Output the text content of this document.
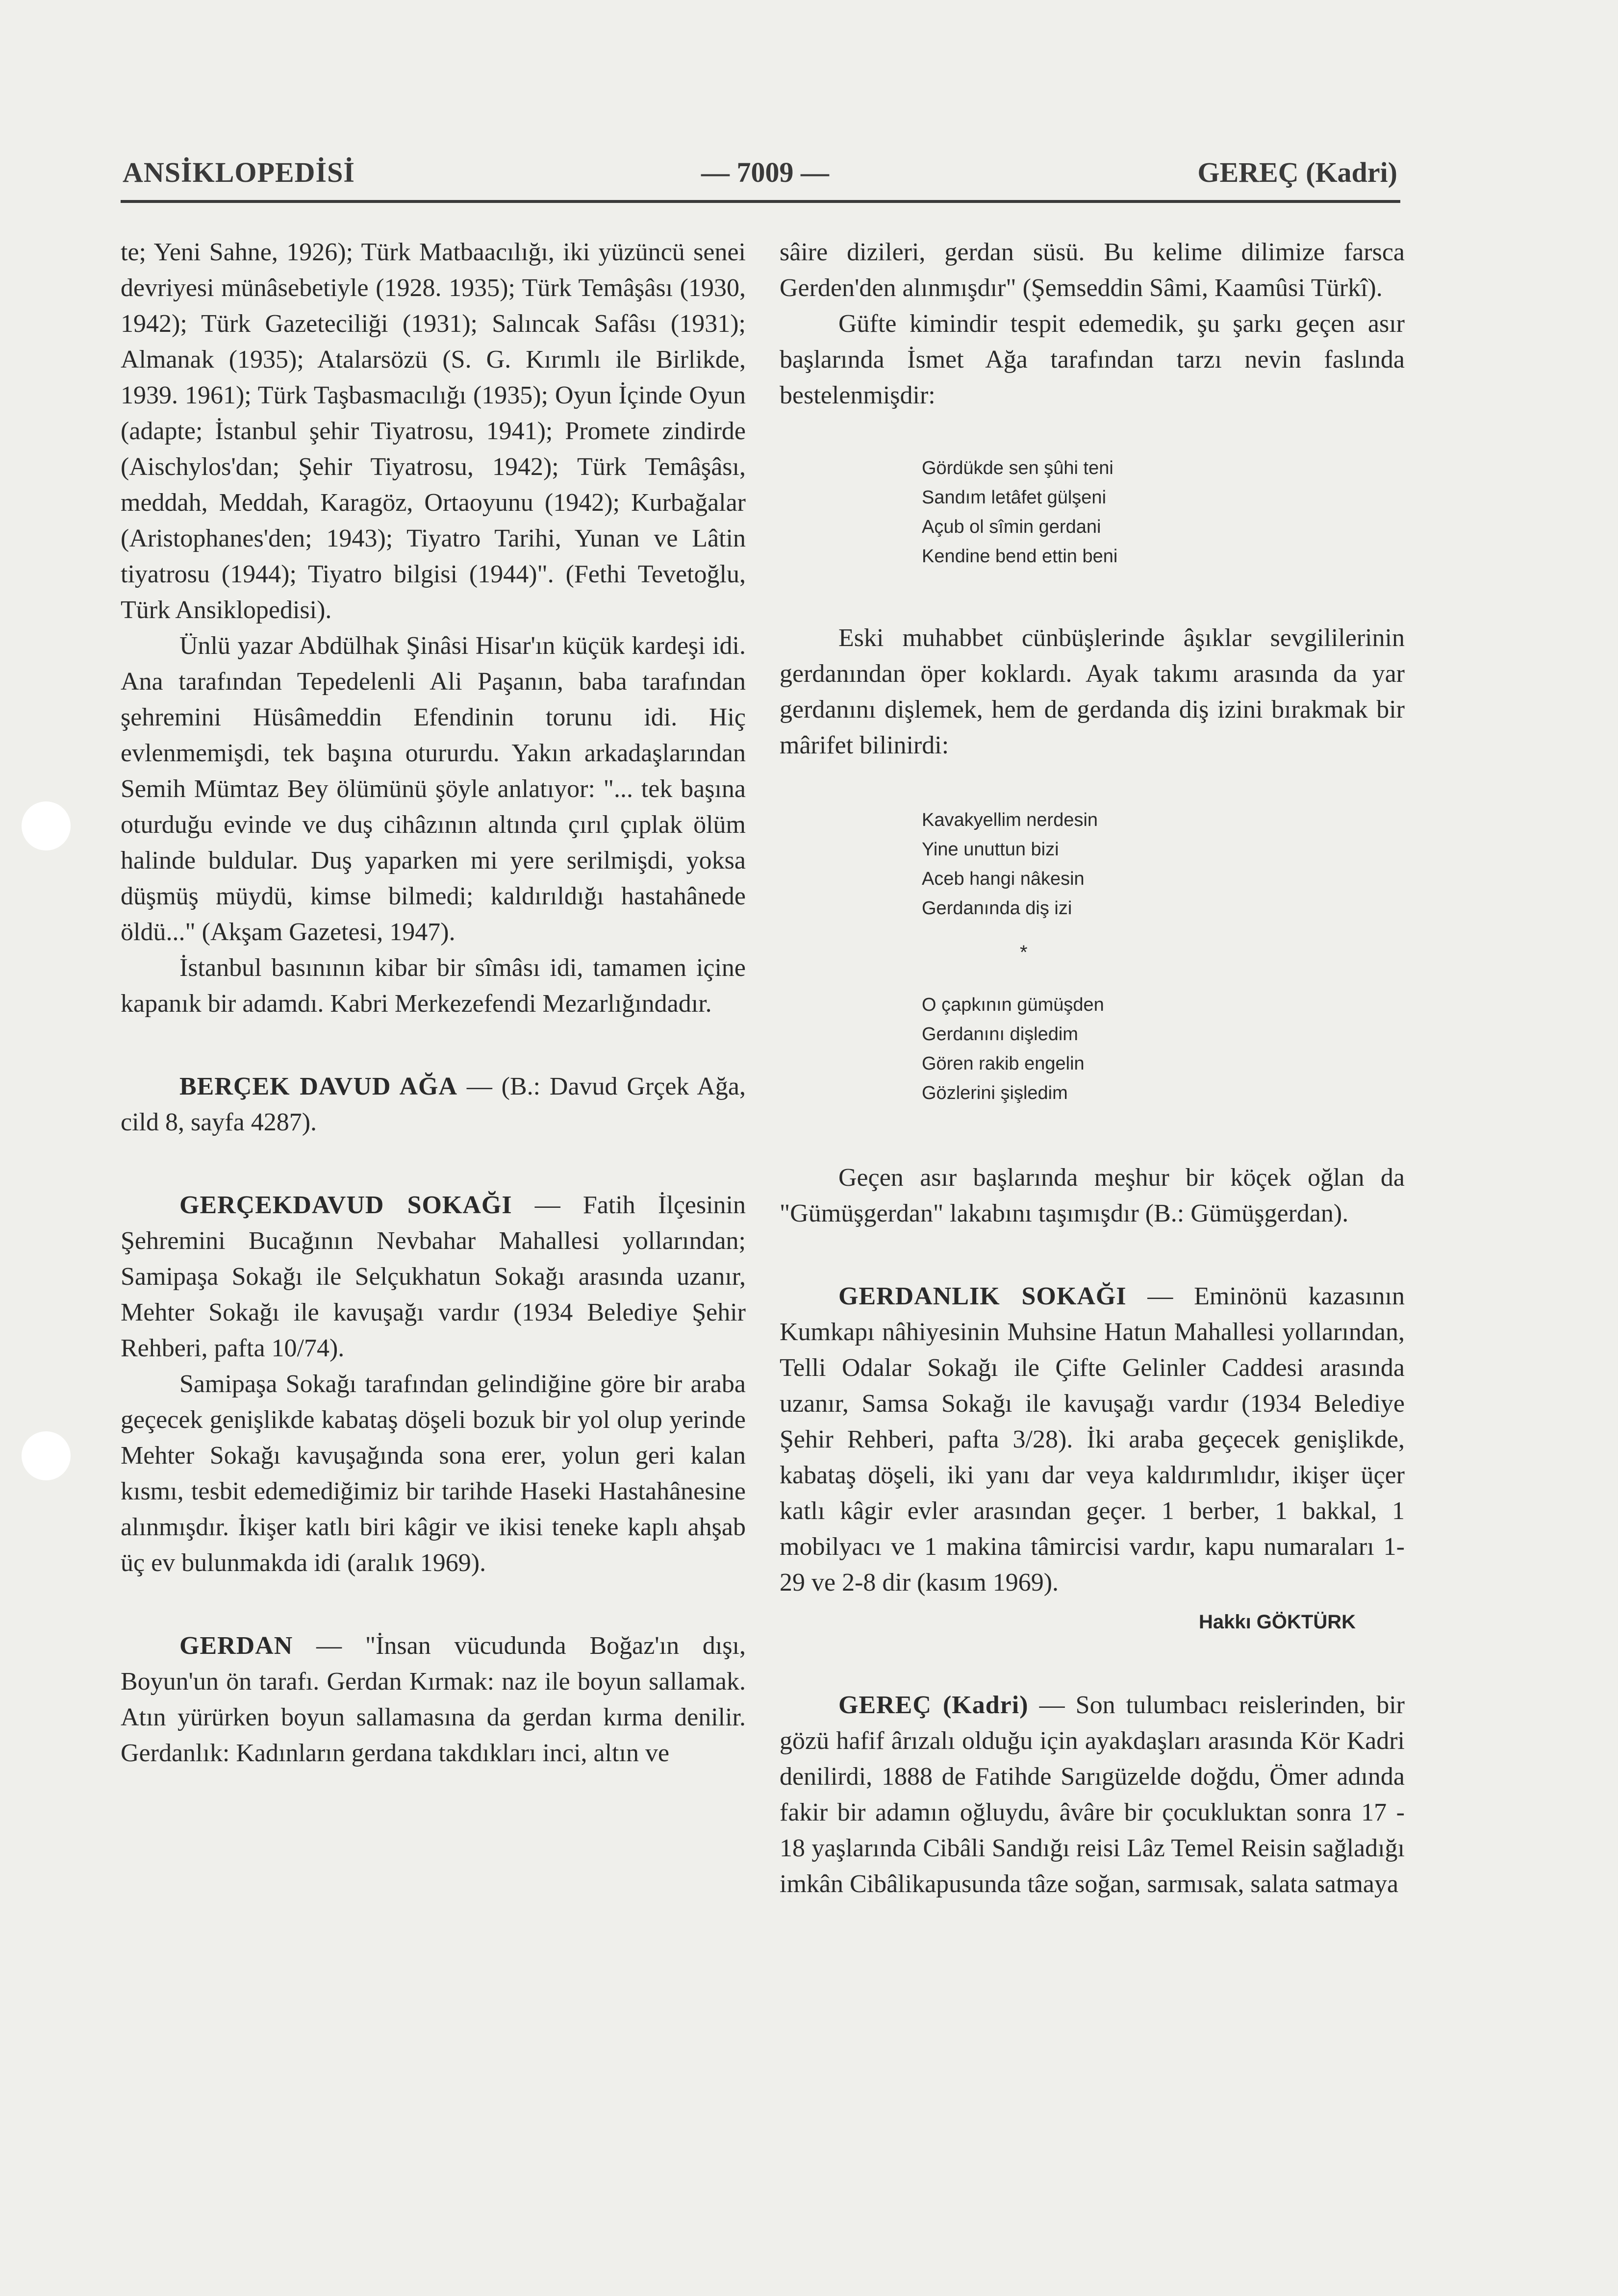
ANSİKLOPEDİSİ	— 7009 —	GEREÇ (Kadri)

te; Yeni Sahne, 1926); Türk Matbaacılığı, iki yüzüncü senei devriyesi münâsebetiyle (1928. 1935); Türk Temâşâsı (1930, 1942); Türk Gazeteciliği (1931); Salıncak Safâsı (1931); Almanak (1935); Atalarsözü (S. G. Kırımlı ile Birlikde, 1939. 1961); Türk Taşbasmacılığı (1935); Oyun İçinde Oyun (adapte; İstanbul şehir Tiyatrosu, 1941); Promete zindirde (Aischylos'dan; Şehir Tiyatrosu, 1942); Türk Temâşâsı, meddah, Meddah, Karagöz, Ortaoyunu (1942); Kurbağalar (Aristophanes'den; 1943); Tiyatro Tarihi, Yunan ve Lâtin tiyatrosu (1944); Tiyatro bilgisi (1944)". (Fethi Tevetoğlu, Türk Ansiklopedisi).

Ünlü yazar Abdülhak Şinâsi Hisar'ın küçük kardeşi idi. Ana tarafından Tepedelenli Ali Paşanın, baba tarafından şehremini Hüsâmeddin Efendinin torunu idi. Hiç evlenmemişdi, tek başına otururdu. Yakın arkadaşlarından Semih Mümtaz Bey ölümünü şöyle anlatıyor: "... tek başına oturduğu evinde ve duş cihâzının altında çırıl çıplak ölüm halinde buldular. Duş yaparken mi yere serilmişdi, yoksa düşmüş müydü, kimse bilmedi; kaldırıldığı hastahânede öldü..." (Akşam Gazetesi, 1947).

İstanbul basınının kibar bir sîmâsı idi, tamamen içine kapanık bir adamdı. Kabri Merkezefendi Mezarlığındadır.

BERÇEK DAVUD AĞA — (B.: Davud Grçek Ağa, cild 8, sayfa 4287).

GERÇEKDAVUD SOKAĞI — Fatih İlçesinin Şehremini Bucağının Nevbahar Mahallesi yollarından; Samipaşa Sokağı ile Selçukhatun Sokağı arasında uzanır, Mehter Sokağı ile kavuşağı vardır (1934 Belediye Şehir Rehberi, pafta 10/74).

Samipaşa Sokağı tarafından gelindiğine göre bir araba geçecek genişlikde kabataş döşeli bozuk bir yol olup yerinde Mehter Sokağı kavuşağında sona erer, yolun geri kalan kısmı, tesbit edemediğimiz bir tarihde Haseki Hastahânesine alınmışdır. İkişer katlı biri kâgir ve ikisi teneke kaplı ahşab üç ev bulunmakda idi (aralık 1969).

GERDAN — "İnsan vücudunda Boğaz'ın dışı, Boyun'un ön tarafı. Gerdan Kırmak: naz ile boyun sallamak. Atın yürürken boyun sallamasına da gerdan kırma denilir. Gerdanlık: Kadınların gerdana takdıkları inci, altın ve

sâire dizileri, gerdan süsü. Bu kelime dilimize farsca Gerden'den alınmışdır" (Şemseddin Sâmi, Kaamûsi Türkî).

Güfte kimindir tespit edemedik, şu şarkı geçen asır başlarında İsmet Ağa tarafından tarzı nevin faslında bestelenmişdir:

Gördükde sen şûhi teni
Sandım letâfet gülşeni
Açub ol sîmin gerdani
Kendine bend ettin beni

Eski muhabbet cünbüşlerinde âşıklar sevgililerinin gerdanından öper koklardı. Ayak takımı arasında da yar gerdanını dişlemek, hem de gerdanda diş izini bırakmak bir mârifet bilinirdi:

Kavakyellim nerdesin
Yine unuttun bizi
Aceb hangi nâkesin
Gerdanında diş izi
*
O çapkının gümüşden
Gerdanını dişledim
Gören rakib engelin
Gözlerini şişledim

Geçen asır başlarında meşhur bir köçek oğlan da "Gümüşgerdan" lakabını taşımışdır (B.: Gümüşgerdan).

GERDANLIK SOKAĞI — Eminönü kazasının Kumkapı nâhiyesinin Muhsine Hatun Mahallesi yollarından, Telli Odalar Sokağı ile Çifte Gelinler Caddesi arasında uzanır, Samsa Sokağı ile kavuşağı vardır (1934 Belediye Şehir Rehberi, pafta 3/28). İki araba geçecek genişlikde, kabataş döşeli, iki yanı dar veya kaldırımlıdır, ikişer üçer katlı kâgir evler arasından geçer. 1 berber, 1 bakkal, 1 mobilyacı ve 1 makina tâmircisi vardır, kapu numaraları 1-29 ve 2-8 dir (kasım 1969).

Hakkı GÖKTÜRK

GEREÇ (Kadri) — Son tulumbacı reislerinden, bir gözü hafif ârızalı olduğu için ayakdaşları arasında Kör Kadri denilirdi, 1888 de Fatihde Sarıgüzelde doğdu, Ömer adında fakir bir adamın oğluydu, âvâre bir çocukluktan sonra 17 - 18 yaşlarında Cibâli Sandığı reisi Lâz Temel Reisin sağladığı imkân Cibâlikapusunda tâze soğan, sarmısak, salata satmaya
